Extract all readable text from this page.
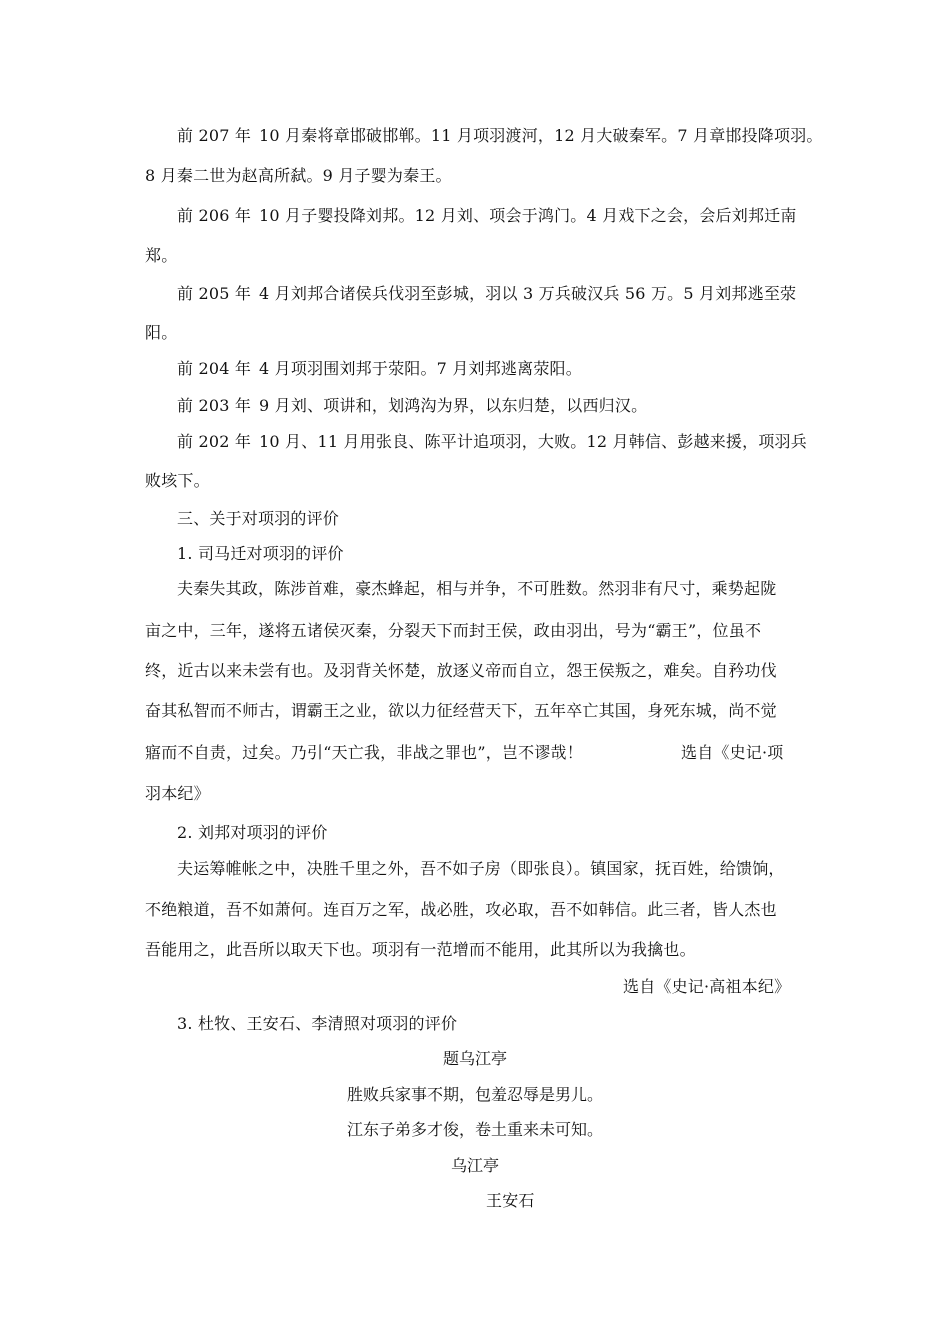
前 207 年 10 月秦将章邯破邯郸。11 月项羽渡河，12 月大破秦军。7 月章邯投降项羽。
8 月秦二世为赵高所弑。9 月子婴为秦王。
前 206 年 10 月子婴投降刘邦。12 月刘、项会于鸿门。4 月戏下之会，会后刘邦迁南
郑。
前 205 年 4 月刘邦合诸侯兵伐羽至彭城，羽以 3 万兵破汉兵 56 万。5 月刘邦逃至荥
阳。
前 204 年 4 月项羽围刘邦于荥阳。7 月刘邦逃离荥阳。
前 203 年 9 月刘、项讲和，划鸿沟为界，以东归楚，以西归汉。
前 202 年 10 月、11 月用张良、陈平计追项羽，大败。12 月韩信、彭越来援，项羽兵
败垓下。
三、关于对项羽的评价
1. 司马迁对项羽的评价
夫秦失其政，陈涉首难，豪杰蜂起，相与并争，不可胜数。然羽非有尺寸，乘势起陇
亩之中，三年，遂将五诸侯灭秦，分裂天下而封王侯，政由羽出，号为“霸王”，位虽不
终，近古以来未尝有也。及羽背关怀楚，放逐义帝而自立，怨王侯叛之，难矣。自矜功伐
奋其私智而不师古，谓霸王之业，欲以力征经营天下，五年卒亡其国，身死东城，尚不觉
寤而不自责，过矣。乃引“天亡我，非战之罪也”，岂不谬哉！	选自《史记·项
羽本纪》
2. 刘邦对项羽的评价
夫运筹帷帐之中，决胜千里之外，吾不如子房（即张良）。镇国家，抚百姓，给馈饷，
不绝粮道，吾不如萧何。连百万之军，战必胜，攻必取，吾不如韩信。此三者，皆人杰也
吾能用之，此吾所以取天下也。项羽有一范增而不能用，此其所以为我擒也。
选自《史记·高祖本纪》
3. 杜牧、王安石、李清照对项羽的评价
题乌江亭
胜败兵家事不期，包羞忍辱是男儿。
江东子弟多才俊，卷土重来未可知。
乌江亭
王安石
